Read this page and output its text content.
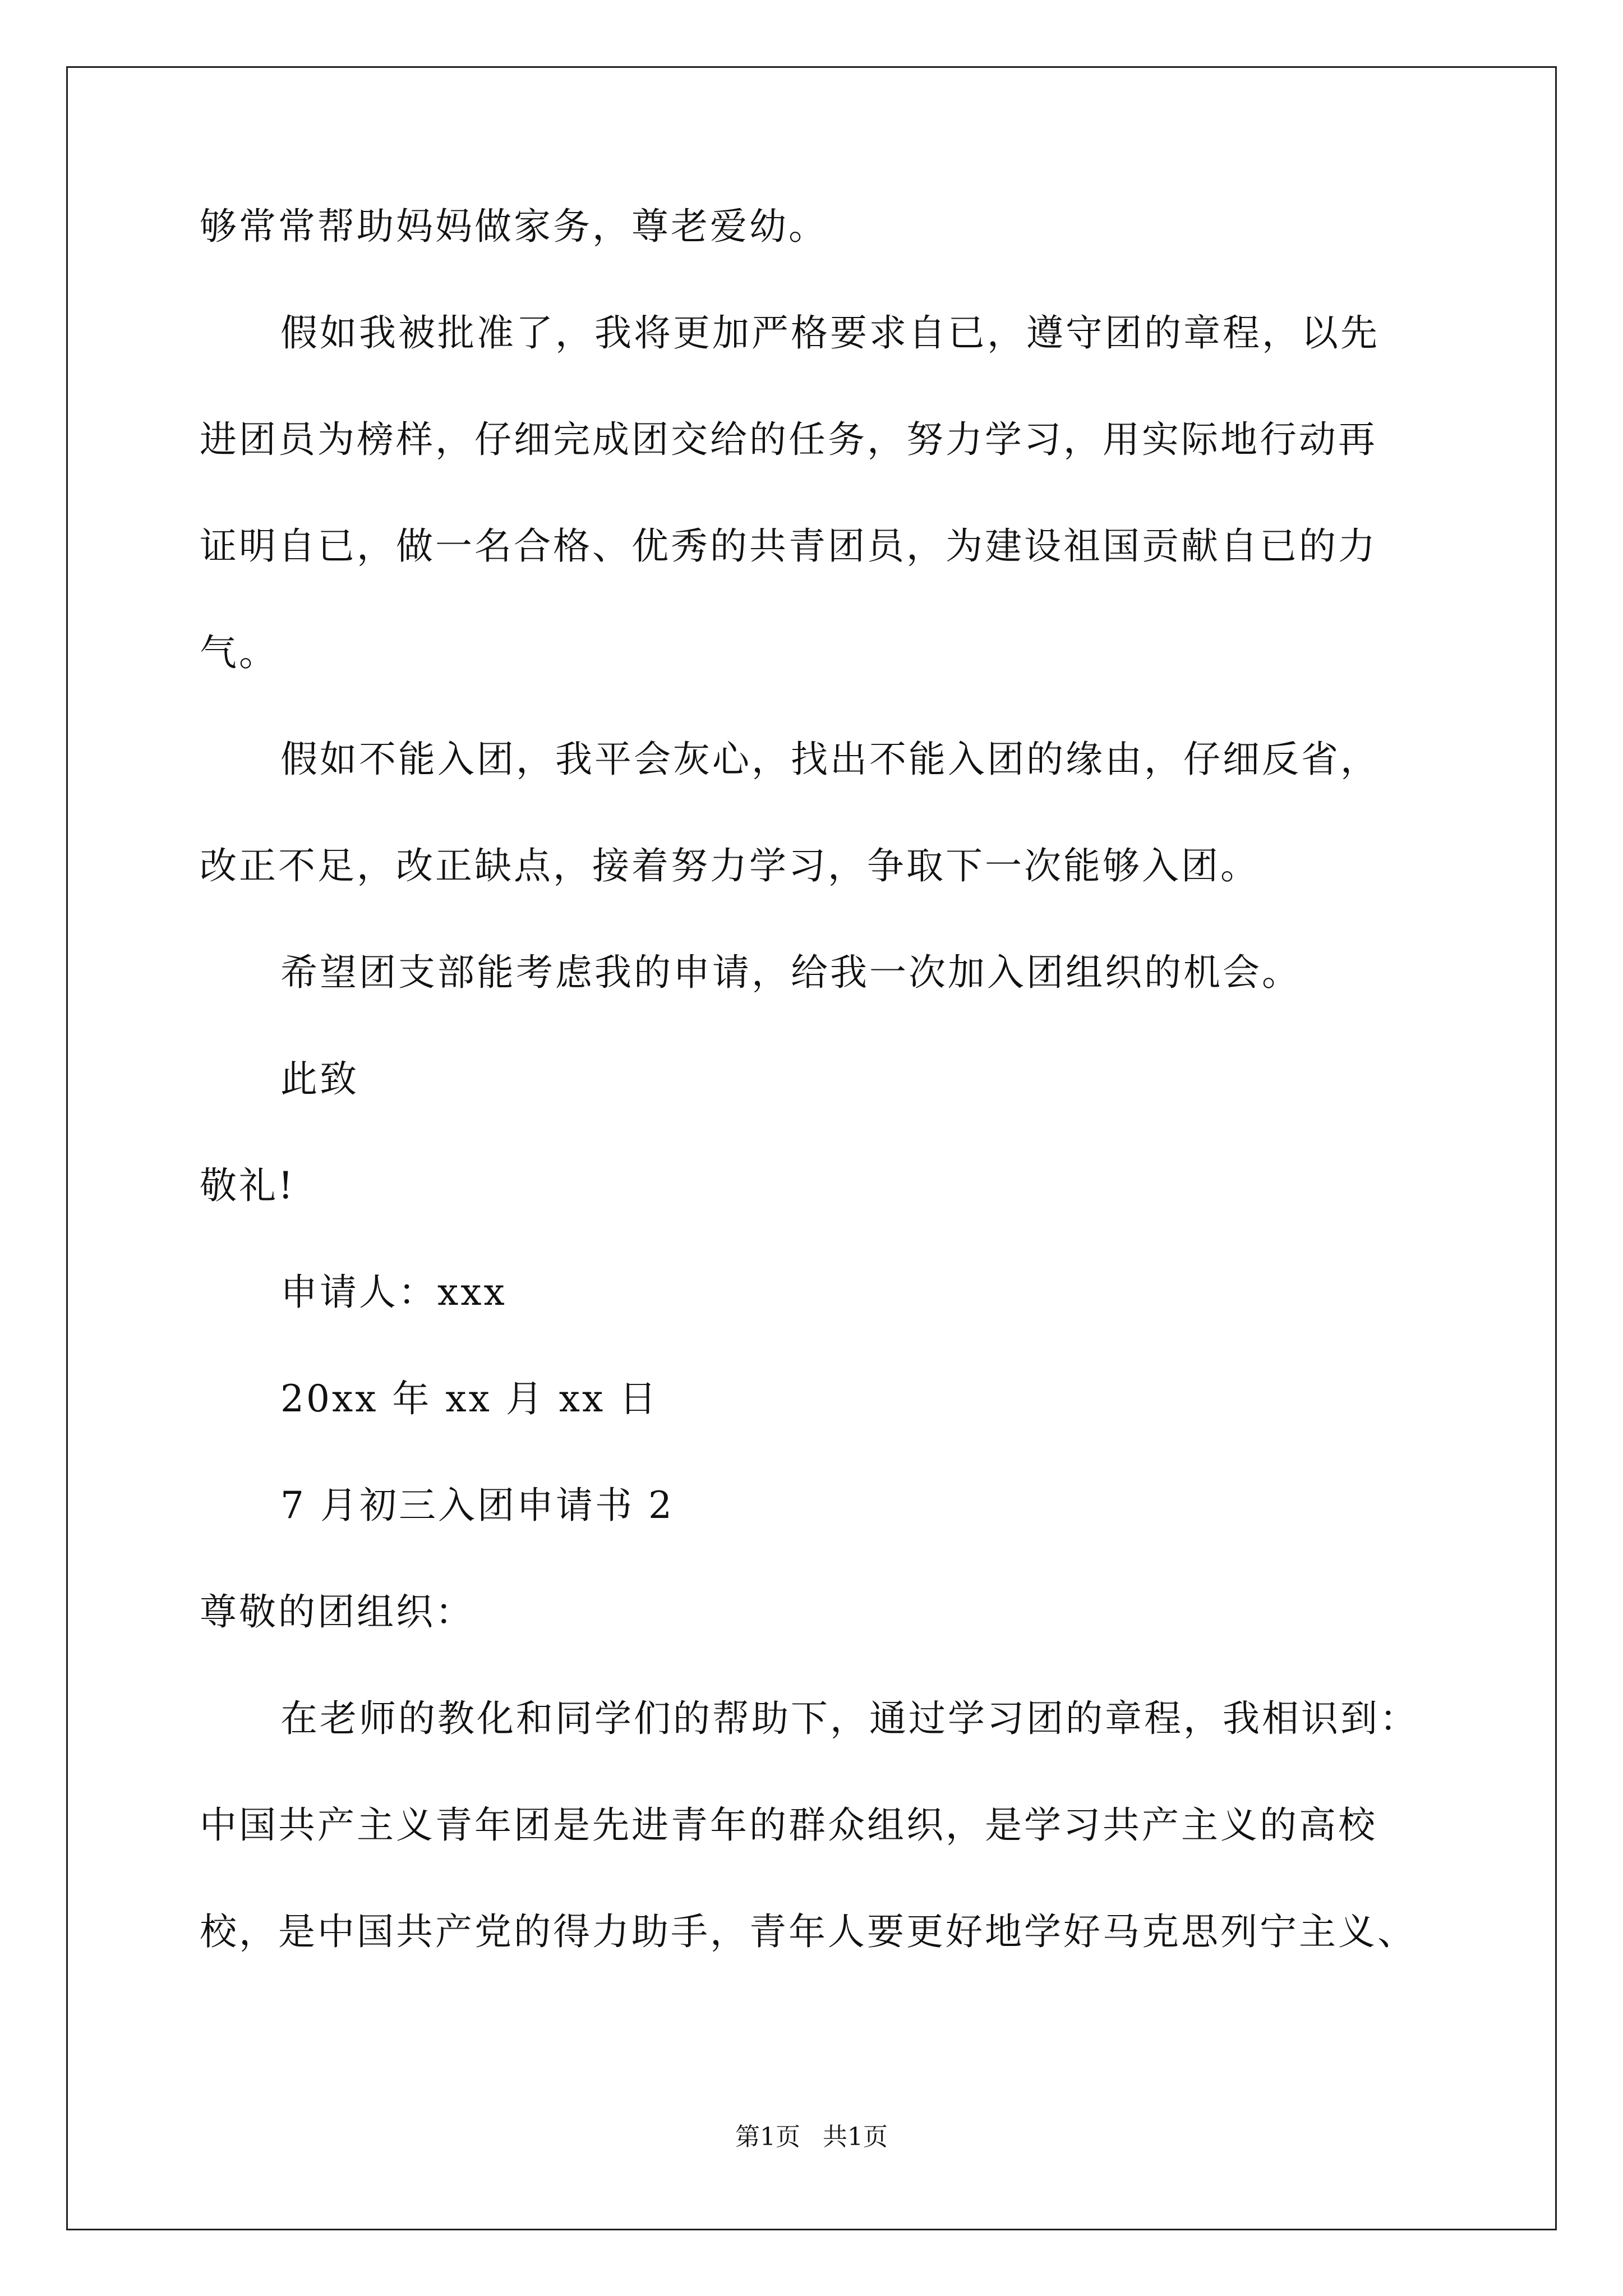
够常常帮助妈妈做家务，尊老爱幼。
假如我被批准了，我将更加严格要求自已，遵守团的章程，以先
进团员为榜样，仔细完成团交给的任务，努力学习，用实际地行动再
证明自已，做一名合格、优秀的共青团员，为建设祖国贡献自已的力
气。
假如不能入团，我平会灰心，找出不能入团的缘由，仔细反省，
改正不足，改正缺点，接着努力学习，争取下一次能够入团。
希望团支部能考虑我的申请，给我一次加入团组织的机会。
此致
敬礼!
申请人：xxx
20xx 年 xx 月 xx 日
7 月初三入团申请书 2
尊敬的团组织：
在老师的教化和同学们的帮助下，通过学习团的章程，我相识到：
中国共产主义青年团是先进青年的群众组织，是学习共产主义的高校
校，是中国共产党的得力助手，青年人要更好地学好马克思列宁主义、
第1页 共1页
